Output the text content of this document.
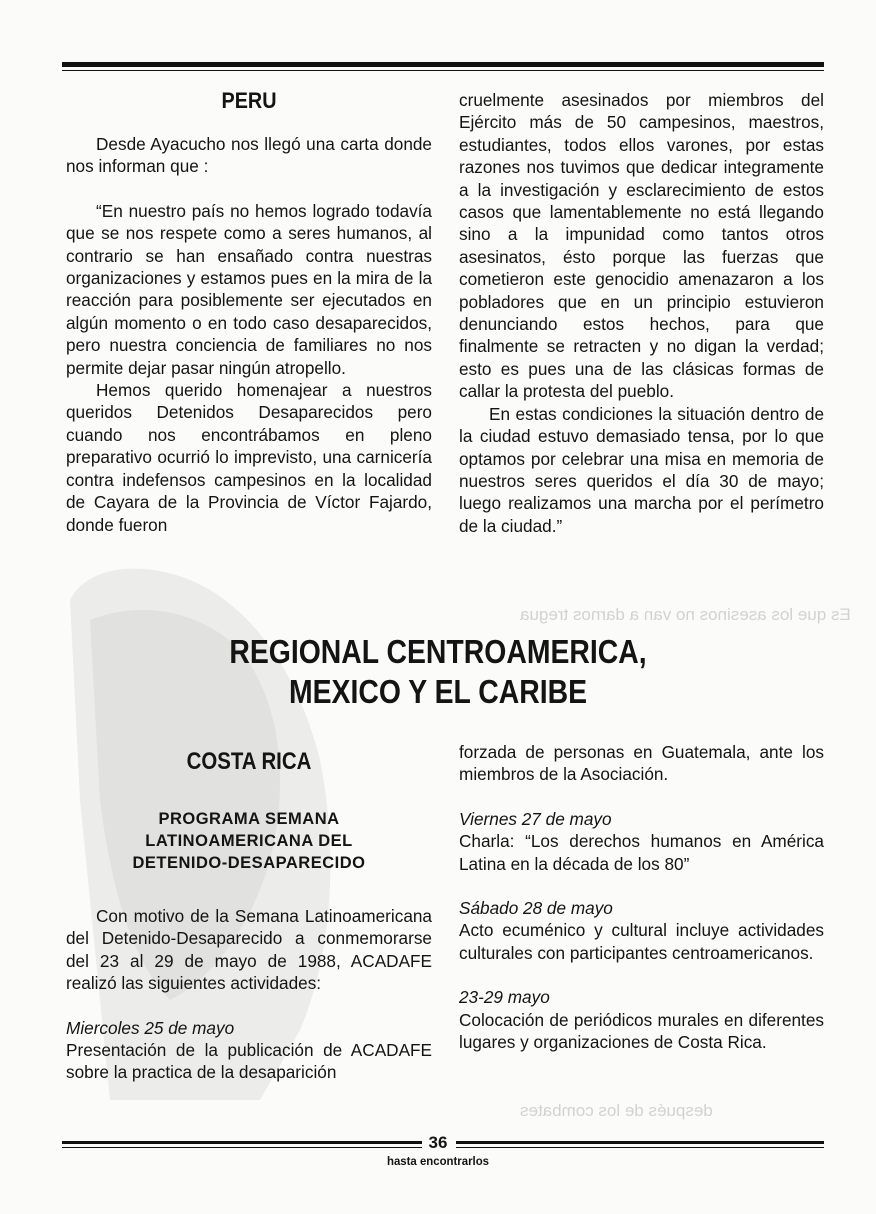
Es que los asesinos no van a darnos tregua
después de los combates
PERU

Desde Ayacucho nos llegó una carta donde nos informan que :

“En nuestro país no hemos logrado todavía que se nos respete como a seres humanos, al contrario se han ensañado contra nuestras organizaciones y estamos pues en la mira de la reacción para posiblemente ser ejecutados en algún momento o en todo caso desaparecidos, pero nuestra conciencia de familiares no nos permite dejar pasar ningún atropello.

Hemos querido homenajear a nuestros queridos Detenidos Desaparecidos pero cuando nos encontrábamos en pleno preparativo ocurrió lo imprevisto, una carnicería contra indefensos campesinos en la localidad de Cayara de la Provincia de Víctor Fajardo, donde fueron

cruelmente asesinados por miembros del Ejército más de 50 campesinos, maestros, estudiantes, todos ellos varones, por estas razones nos tuvimos que dedicar integramente a la investigación y esclarecimiento de estos casos que lamentablemente no está llegando sino a la impunidad como tantos otros asesinatos, ésto porque las fuerzas que cometieron este genocidio amenazaron a los pobladores que en un principio estuvieron denunciando estos hechos, para que finalmente se retracten y no digan la verdad; esto es pues una de las clásicas formas de callar la protesta del pueblo.

En estas condiciones la situación dentro de la ciudad estuvo demasiado tensa, por lo que optamos por celebrar una misa en memoria de nuestros seres queridos el día 30 de mayo; luego realizamos una marcha por el perímetro de la ciudad.”

REGIONAL CENTROAMERICA,
MEXICO Y EL CARIBE
COSTA RICA
PROGRAMA SEMANA
LATINOAMERICANA DEL
DETENIDO-DESAPARECIDO

Con motivo de la Semana Latinoamericana del Detenido-Desaparecido a conmemorarse del 23 al 29 de mayo de 1988, ACADAFE realizó las siguientes actividades:

Miercoles 25 de mayo

Presentación de la publicación de ACADAFE sobre la practica de la desaparición

forzada de personas en Guatemala, ante los miembros de la Asociación.

Viernes 27 de mayo

Charla: “Los derechos humanos en América Latina en la década de los 80”

Sábado 28 de mayo

Acto ecuménico y cultural incluye actividades culturales con participantes centroamericanos.

23-29 mayo

Colocación de periódicos murales en diferentes lugares y organizaciones de Costa Rica.

36
hasta encontrarlos
